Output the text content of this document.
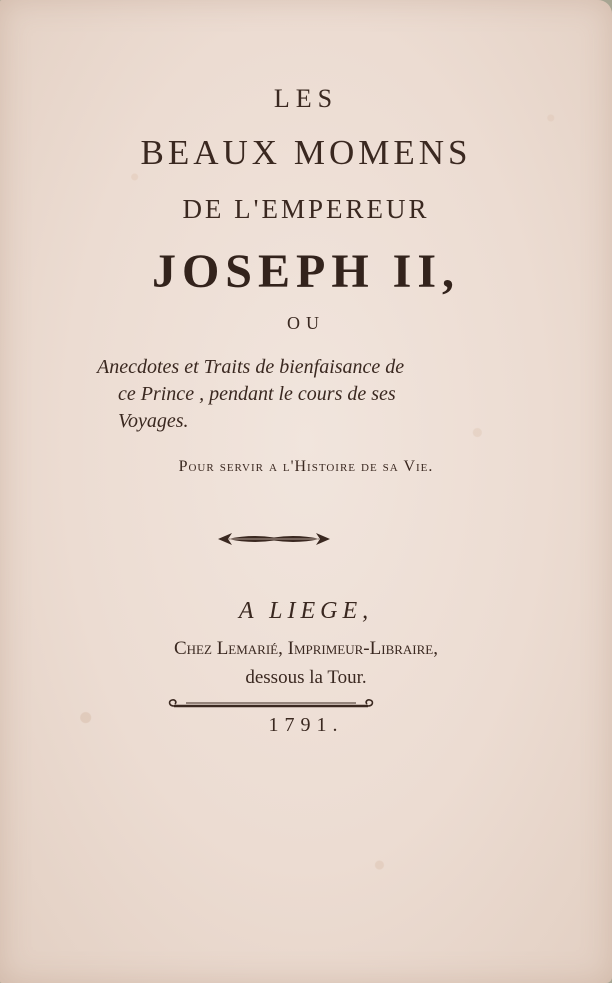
LES
BEAUX MOMENS
DE L'EMPEREUR
JOSEPH II,
OU
Anecdotes et Traits de bienfaisance de
ce Prince , pendant le cours de ses
Voyages.
Pour servir a l'Histoire de sa Vie.
A LIEGE,
Chez Lemarié, Imprimeur-Libraire,
dessous la Tour.
1791.
